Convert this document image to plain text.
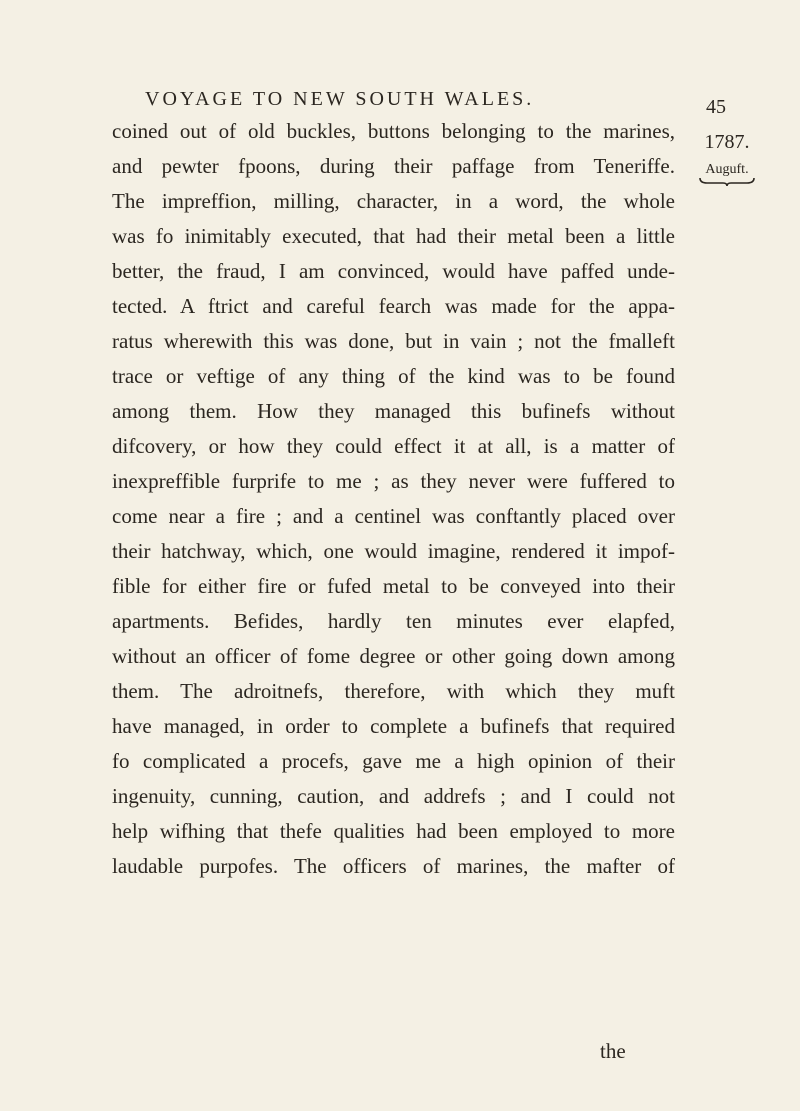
VOYAGE TO NEW SOUTH WALES.	45
1787.
Auguft.
coined out of old buckles, buttons belonging to the marines,
and pewter fpoons, during their paffage from Teneriffe.
The impreffion, milling, character, in a word, the whole
was fo inimitably executed, that had their metal been a little
better, the fraud, I am convinced, would have paffed unde-
tected. A ftrict and careful fearch was made for the appa-
ratus wherewith this was done, but in vain ; not the fmalleft
trace or veftige of any thing of the kind was to be found
among them. How they managed this bufinefs without
difcovery, or how they could effect it at all, is a matter of
inexpreffible furprife to me ; as they never were fuffered to
come near a fire ; and a centinel was conftantly placed over
their hatchway, which, one would imagine, rendered it impof-
fible for either fire or fufed metal to be conveyed into their
apartments. Befides, hardly ten minutes ever elapfed,
without an officer of fome degree or other going down among
them. The adroitnefs, therefore, with which they muft
have managed, in order to complete a bufinefs that required
fo complicated a procefs, gave me a high opinion of their
ingenuity, cunning, caution, and addrefs ; and I could not
help wifhing that thefe qualities had been employed to more
laudable purpofes. The officers of marines, the mafter of
the
